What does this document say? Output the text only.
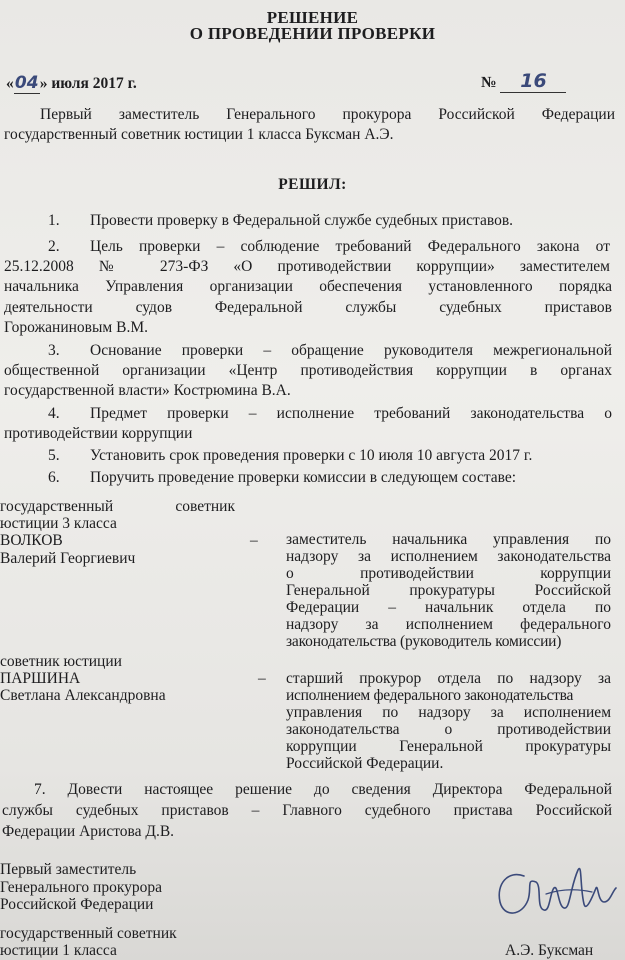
РЕШЕНИЕ
О ПРОВЕДЕНИИ ПРОВЕРКИ
«04» июля 2017 г.	№ 16
Первый заместитель Генерального прокурора Российской Федерации
государственный советник юстиции 1 класса Буксман А.Э.
РЕШИЛ:
1.	Провести проверку в Федеральной службе судебных приставов.
2.	Цель проверки – соблюдение требований Федерального закона от
25.12.2008 № 273-ФЗ «О противодействии коррупции» заместителем
начальника Управления организации обеспечения установленного порядка
деятельности судов Федеральной службы судебных приставов
Горожаниновым В.М.
3.	Основание проверки – обращение руководителя межрегиональной
общественной организации «Центр противодействия коррупции в органах
государственной власти» Кострюмина В.А.
4.	Предмет проверки – исполнение требований законодательства о
противодействии коррупции
5.	Установить срок проведения проверки с 10 июля 10 августа 2017 г.
6.	Поручить проведение проверки комиссии в следующем составе:
государственный советник
юстиции 3 класса
ВОЛКОВ
Валерий Георгиевич
– заместитель начальника управления по
надзору за исполнением законодательства
о противодействии коррупции
Генеральной прокуратуры Российской
Федерации – начальник отдела по
надзору за исполнением федерального
законодательства (руководитель комиссии)
советник юстиции
ПАРШИНА
Светлана Александровна
– старший прокурор отдела по надзору за
исполнением федерального законодательства
управления по надзору за исполнением
законодательства о противодействии
коррупции Генеральной прокуратуры
Российской Федерации.
7. Довести настоящее решение до сведения Директора Федеральной
службы судебных приставов – Главного судебного пристава Российской
Федерации Аристова Д.В.
Первый заместитель
Генерального прокурора
Российской Федерации
государственный советник
юстиции 1 класса	А.Э. Буксман
